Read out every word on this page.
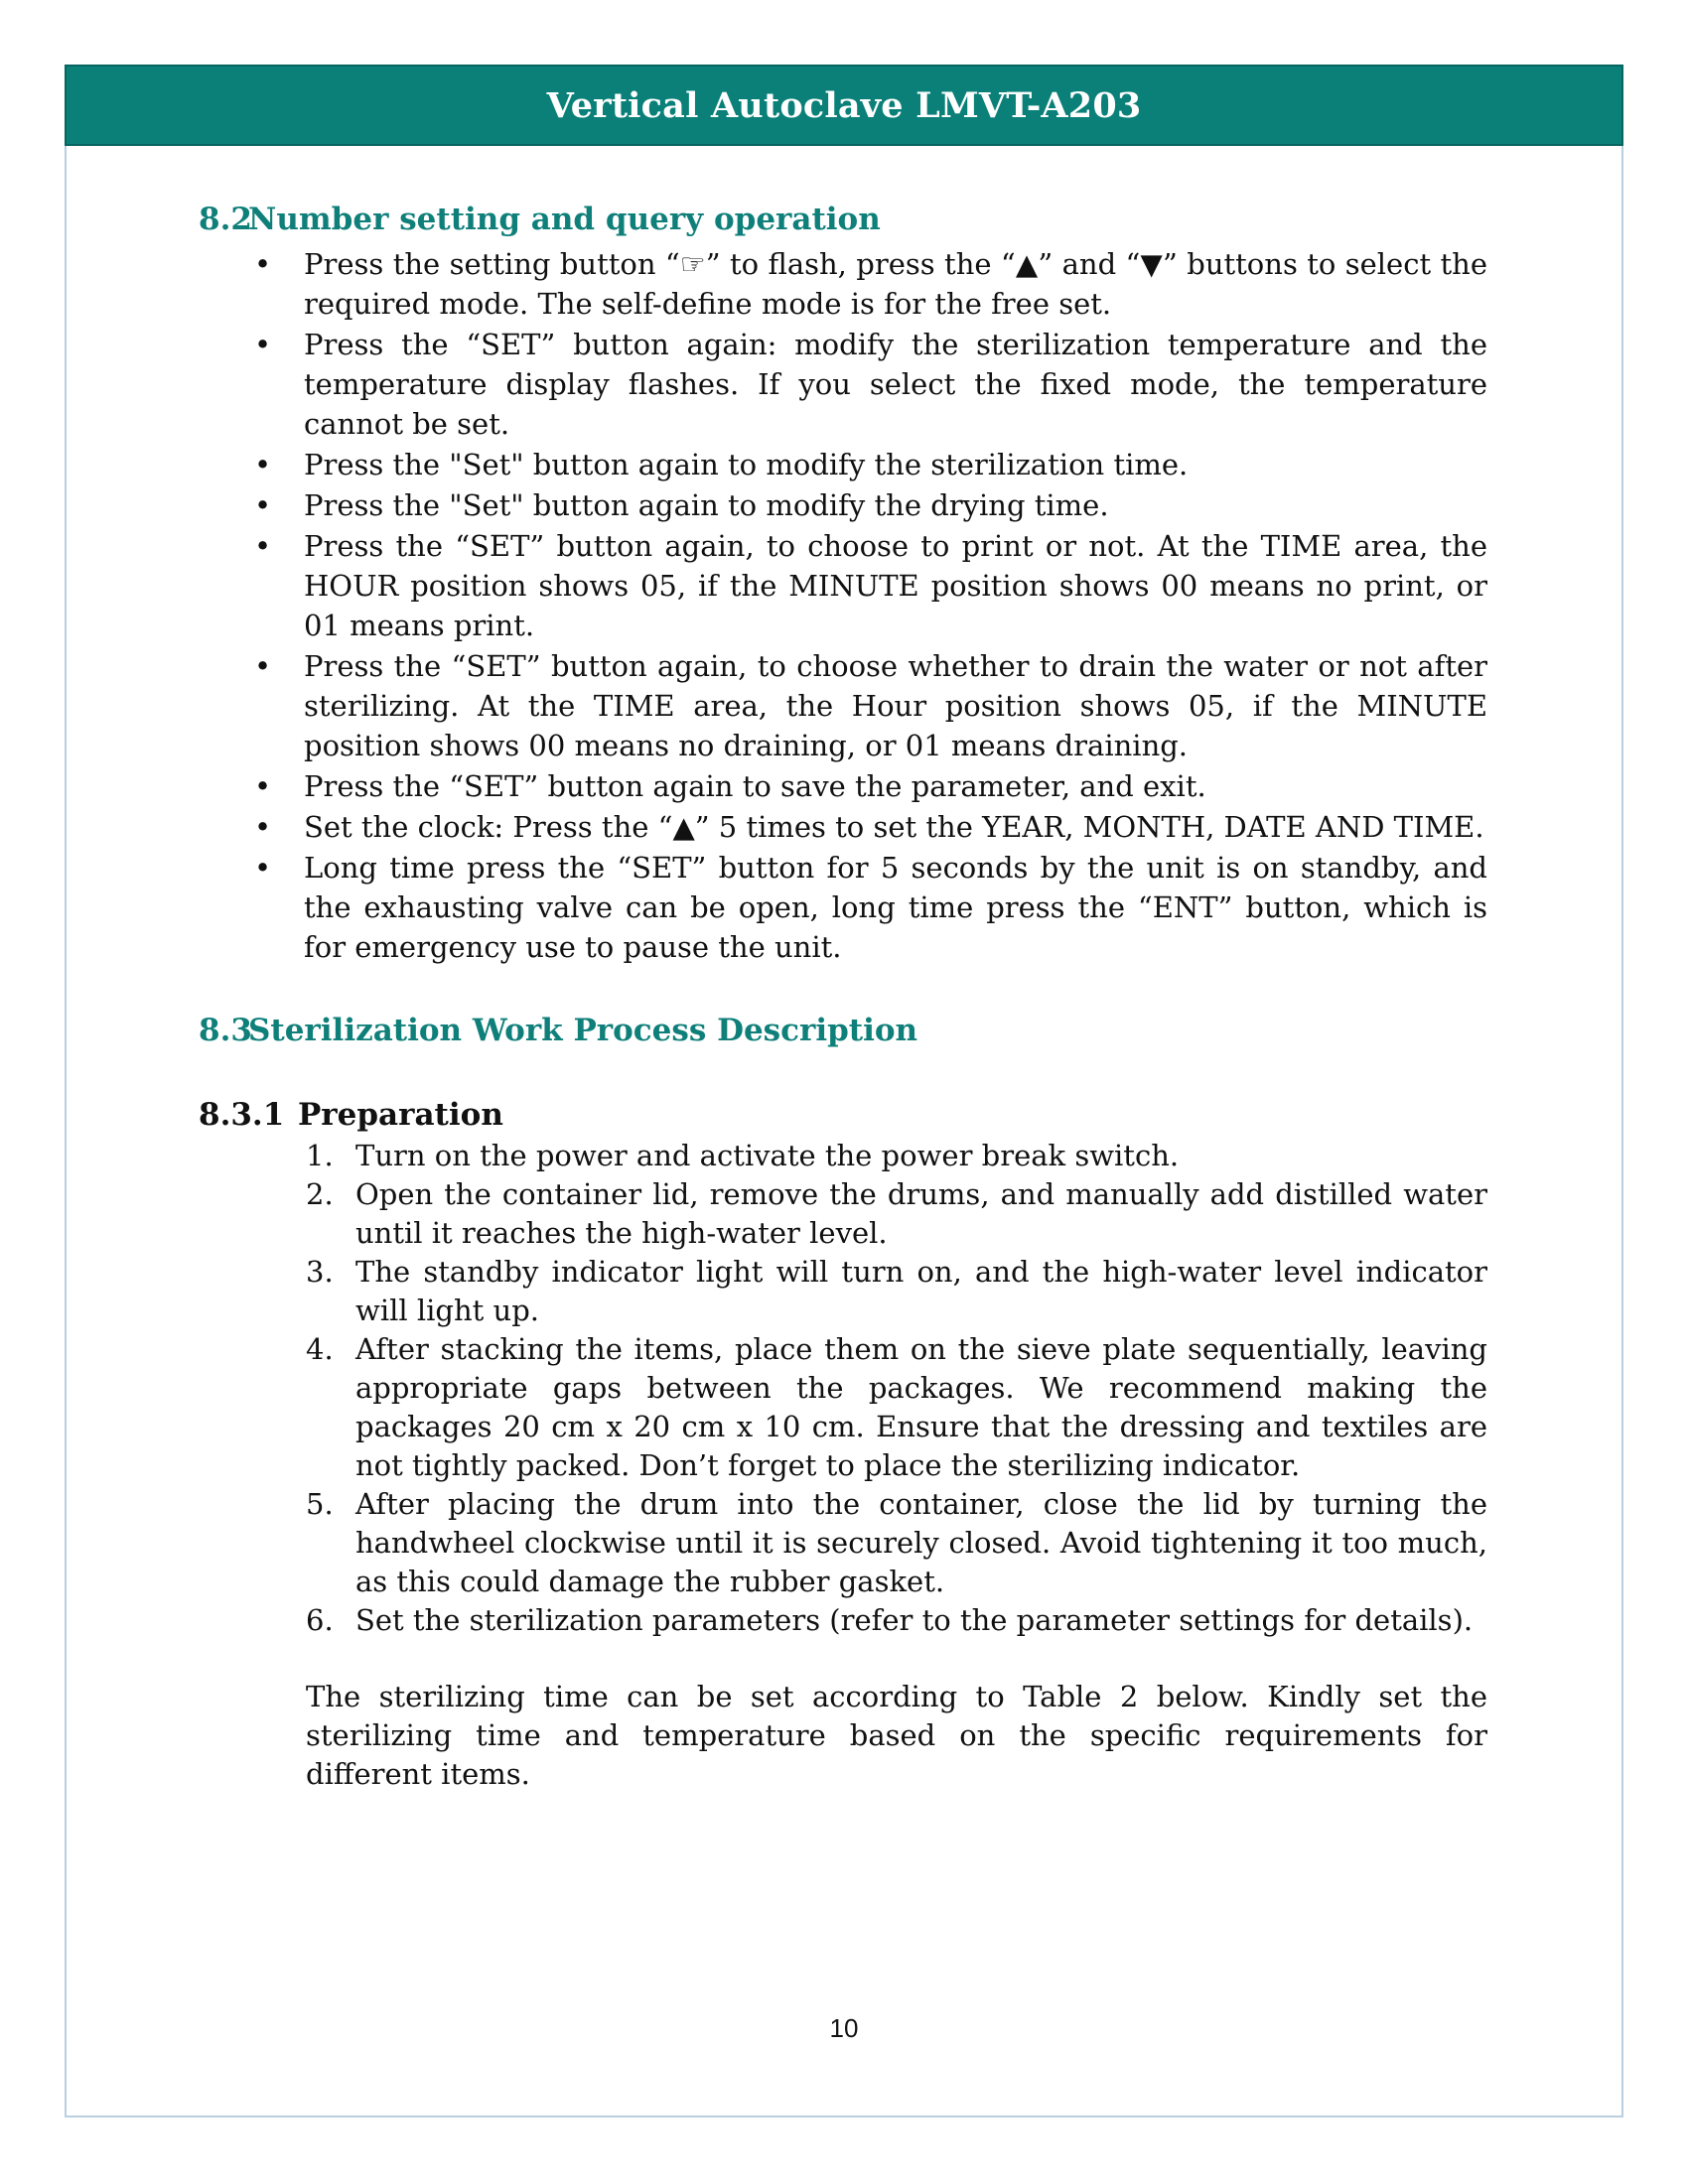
Vertical Autoclave LMVT-A203
8.2Number setting and query operation
• Press the setting button “☞” to flash, press the “▲” and “▼” buttons to select the required mode. The self-define mode is for the free set.
• Press the “SET” button again: modify the sterilization temperature and the temperature display flashes. If you select the fixed mode, the temperature cannot be set.
• Press the "Set" button again to modify the sterilization time.
• Press the "Set" button again to modify the drying time.
• Press the “SET” button again, to choose to print or not. At the TIME area, the HOUR position shows 05, if the MINUTE position shows 00 means no print, or 01 means print.
• Press the “SET” button again, to choose whether to drain the water or not after sterilizing. At the TIME area, the Hour position shows 05, if the MINUTE position shows 00 means no draining, or 01 means draining.
• Press the “SET” button again to save the parameter, and exit.
• Set the clock: Press the “▲” 5 times to set the YEAR, MONTH, DATE AND TIME.
• Long time press the “SET” button for 5 seconds by the unit is on standby, and the exhausting valve can be open, long time press the “ENT” button, which is for emergency use to pause the unit.
8.3Sterilization Work Process Description
8.3.1 Preparation
1. Turn on the power and activate the power break switch.
2. Open the container lid, remove the drums, and manually add distilled water until it reaches the high-water level.
3. The standby indicator light will turn on, and the high-water level indicator will light up.
4. After stacking the items, place them on the sieve plate sequentially, leaving appropriate gaps between the packages. We recommend making the packages 20 cm x 20 cm x 10 cm. Ensure that the dressing and textiles are not tightly packed. Don’t forget to place the sterilizing indicator.
5. After placing the drum into the container, close the lid by turning the handwheel clockwise until it is securely closed. Avoid tightening it too much, as this could damage the rubber gasket.
6. Set the sterilization parameters (refer to the parameter settings for details).

The sterilizing time can be set according to Table 2 below. Kindly set the sterilizing time and temperature based on the specific requirements for different items.

10
